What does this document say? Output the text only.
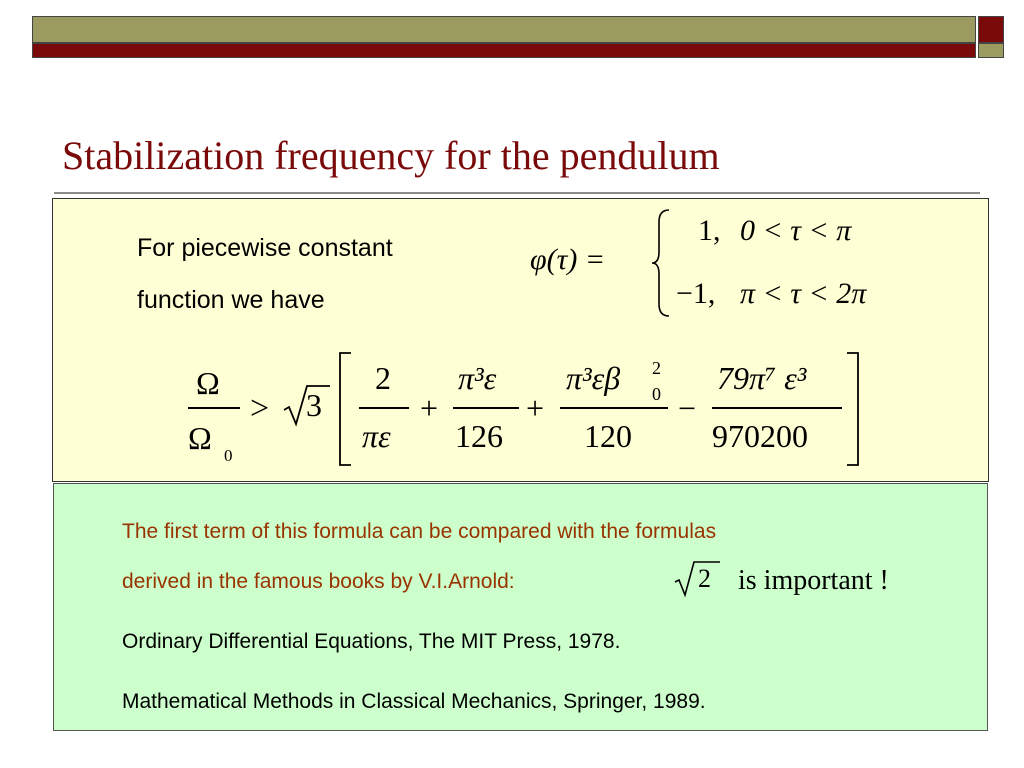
Stabilization frequency for the pendulum
For piecewise constant
function we have
φ(τ) =
1, 0 < τ < π
−1, π < τ < 2π
Ω
Ω 0
> 3
2
πε
+
π³ε
126
+
π³εβ 2
0
120
−
79π⁷ ε³
970200
The first term of this formula can be compared with the formulas
derived in the famous books by V.I.Arnold:	2 is important !
Ordinary Differential Equations, The MIT Press, 1978.
Mathematical Methods in Classical Mechanics, Springer, 1989.
